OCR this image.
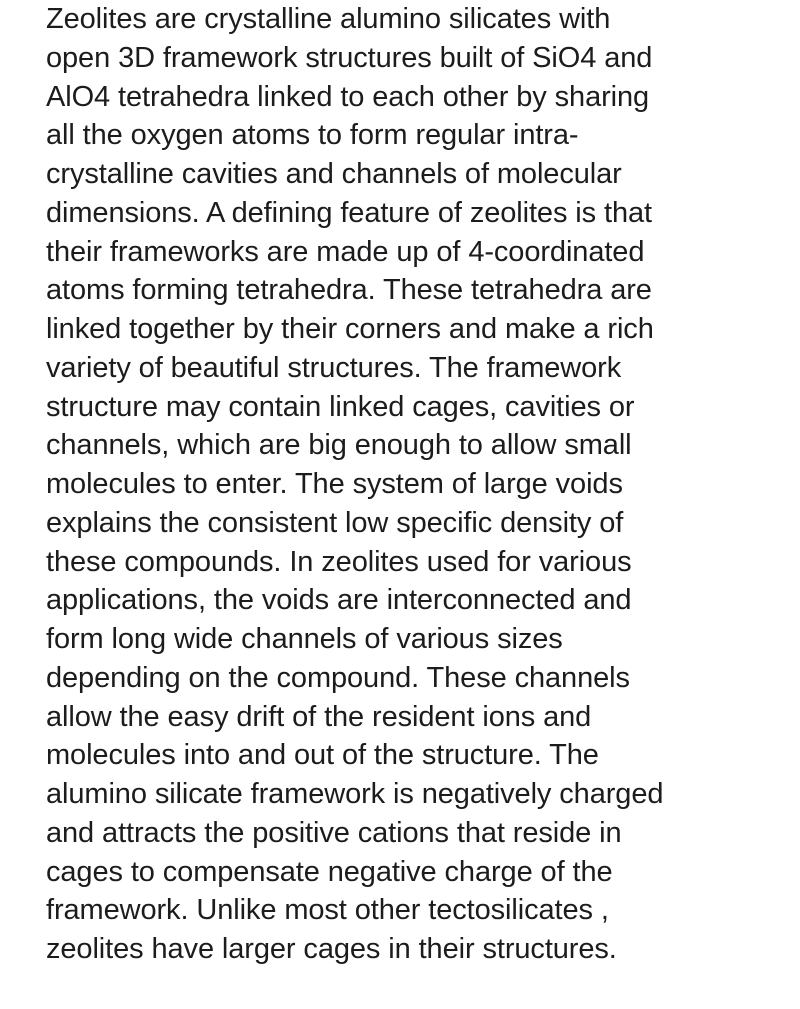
Zeolites are crystalline alumino silicates with
open 3D framework structures built of SiO4 and
AlO4 tetrahedra linked to each other by sharing
all the oxygen atoms to form regular intra-
crystalline cavities and channels of molecular
dimensions. A defining feature of zeolites is that
their frameworks are made up of 4-coordinated
atoms forming tetrahedra. These tetrahedra are
linked together by their corners and make a rich
variety of beautiful structures. The framework
structure may contain linked cages, cavities or
channels, which are big enough to allow small
molecules to enter. The system of large voids
explains the consistent low specific density of
these compounds. In zeolites used for various
applications, the voids are interconnected and
form long wide channels of various sizes
depending on the compound. These channels
allow the easy drift of the resident ions and
molecules into and out of the structure. The
alumino silicate framework is negatively charged
and attracts the positive cations that reside in
cages to compensate negative charge of the
framework. Unlike most other tectosilicates ,
zeolites have larger cages in their structures.
